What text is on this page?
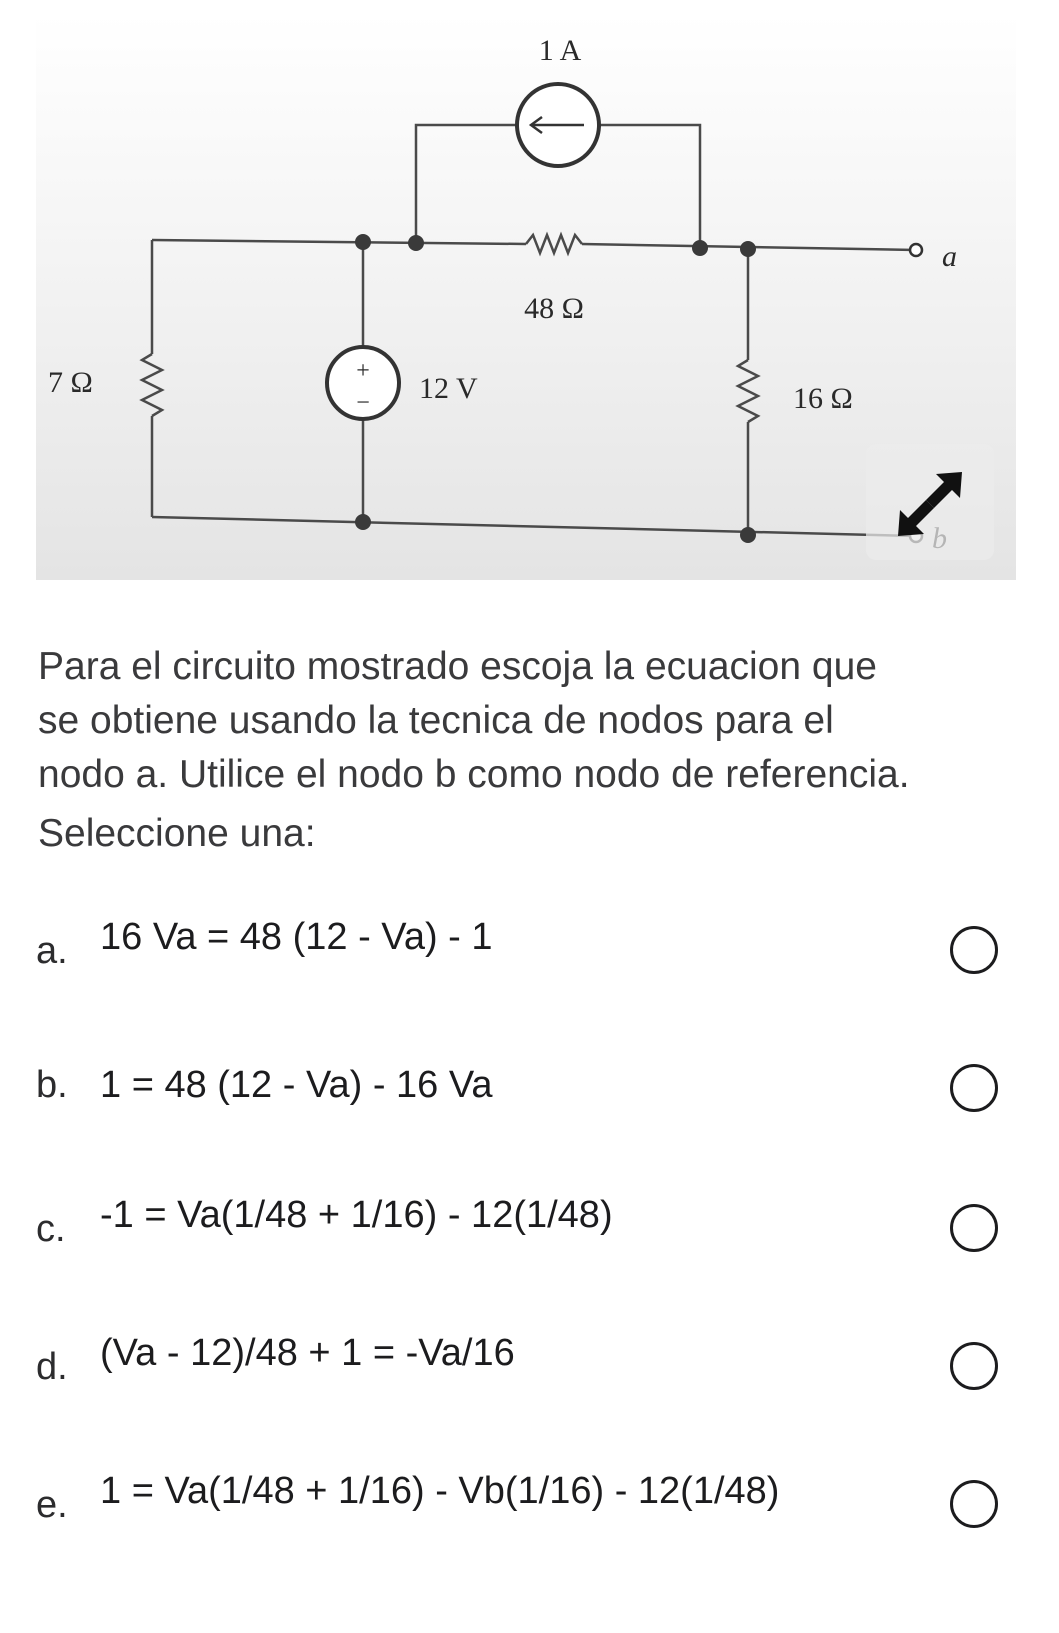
1 A
48 Ω
7 Ω	12 V	16 Ω
+
−
a

Para el circuito mostrado escoja la ecuacion que

se obtiene usando la tecnica de nodos para el

nodo a. Utilice el nodo b como nodo de referencia.

Seleccione una:
a. 16 Va = 48 (12 - Va) - 1
b. 1 = 48 (12 - Va) - 16 Va
c. -1 = Va(1/48 + 1/16) - 12(1/48)
d. (Va - 12)/48 + 1 = -Va/16
e. 1 = Va(1/48 + 1/16) - Vb(1/16) - 12(1/48)
